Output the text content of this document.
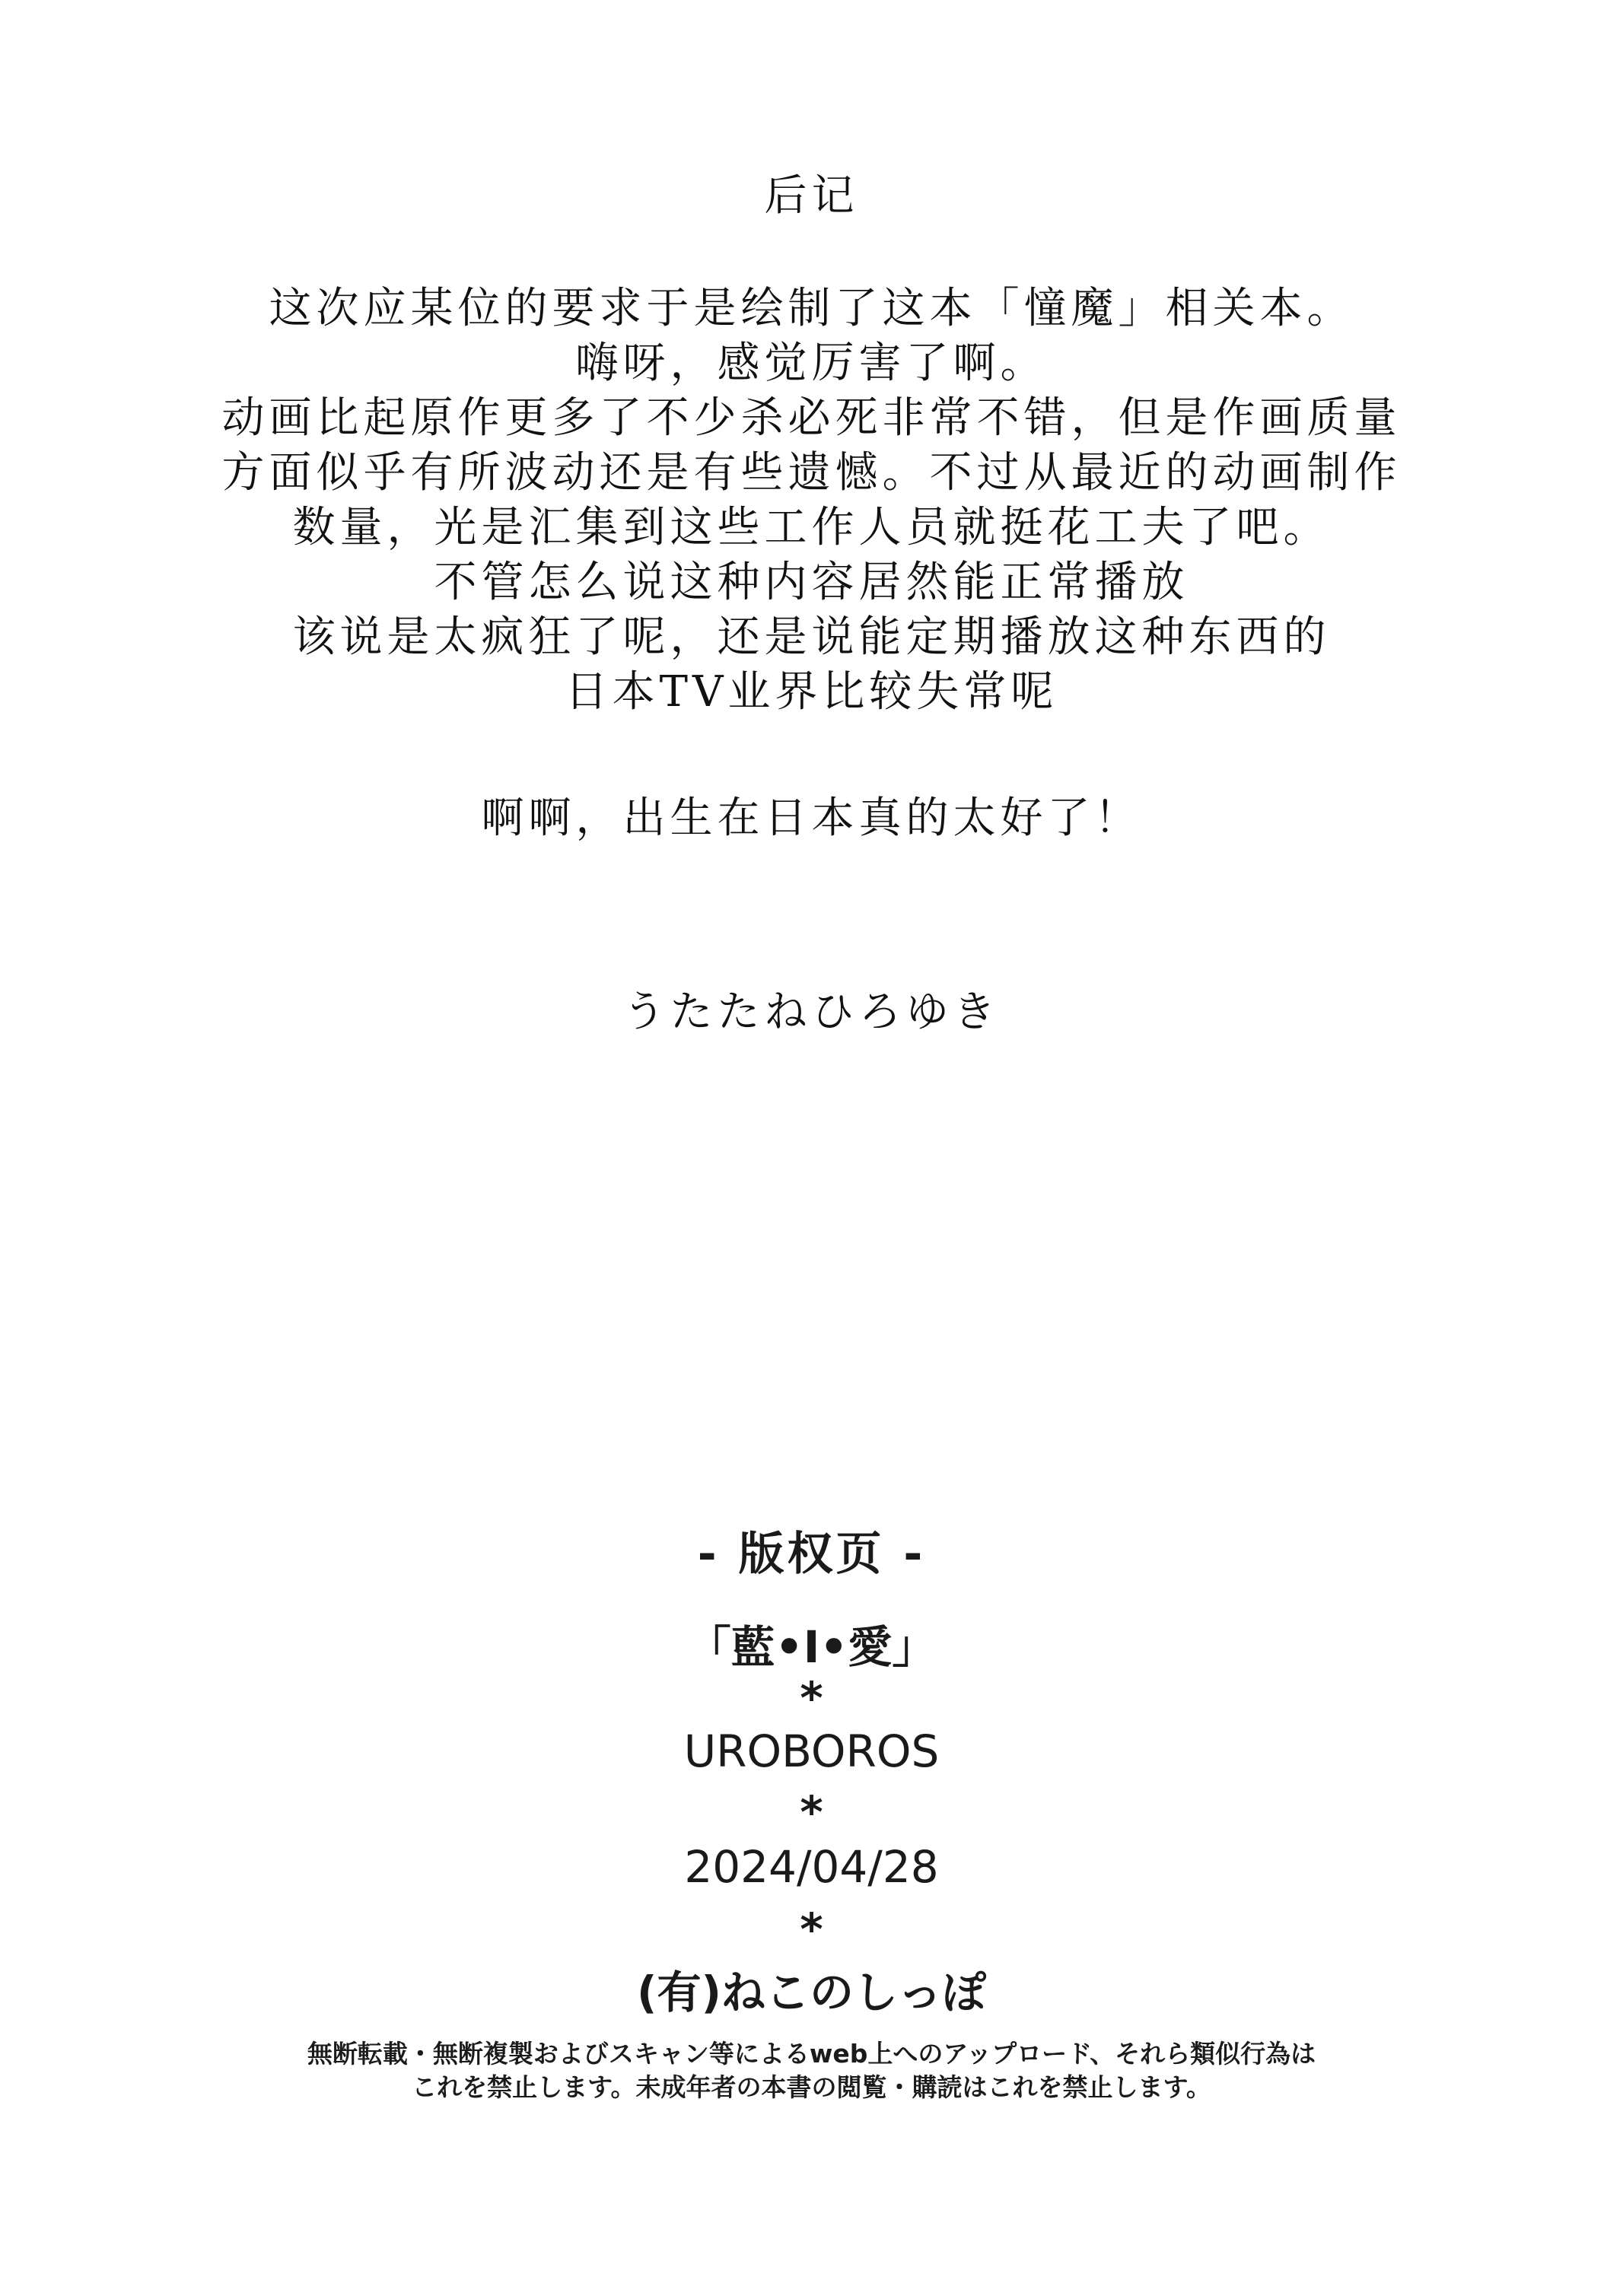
后记
这次应某位的要求于是绘制了这本「憧魔」相关本。
嗨呀，感觉厉害了啊。
动画比起原作更多了不少杀必死非常不错，但是作画质量
方面似乎有所波动还是有些遗憾。不过从最近的动画制作
数量，光是汇集到这些工作人员就挺花工夫了吧。
不管怎么说这种内容居然能正常播放
该说是太疯狂了呢，还是说能定期播放这种东西的
日本TV业界比较失常呢
啊啊，出生在日本真的太好了！
うたたねひろゆき
- 版权页 -
「藍•I•愛」
*
UROBOROS
*
2024/04/28
*
(有)ねこのしっぽ
無断転載・無断複製およびスキャン等によるweb上へのアップロード、それら類似行為は
これを禁止します。未成年者の本書の閲覧・購読はこれを禁止します。
